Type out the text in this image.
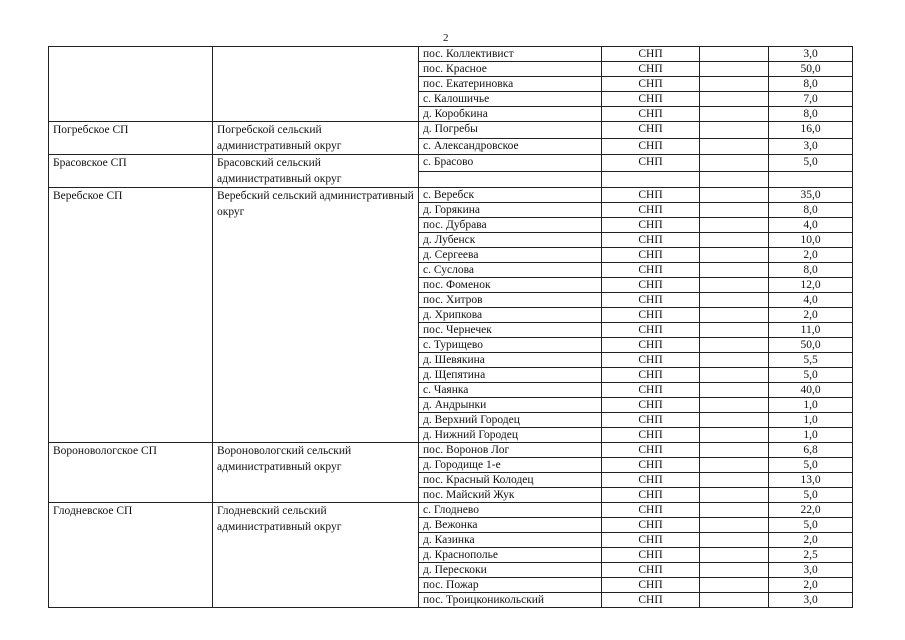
2
		пос. Коллективист	СНП		3,0
		пос. Красное	СНП		50,0
		пос. Екатериновка	СНП		8,0
		с. Калошичье	СНП		7,0
		д. Коробкина	СНП		8,0
Погребское СП	Погребской сельский административный округ	д. Погребы	СНП		16,0
		с. Александровское	СНП		3,0
Брасовское СП	Брасовский сельский административный округ	с. Брасово	СНП		5,0

Веребское СП	Веребский сельский административный округ	с. Веребск	СНП		35,0
		д. Горякина	СНП		8,0
		пос. Дубрава	СНП		4,0
		д. Лубенск	СНП		10,0
		д. Сергеева	СНП		2,0
		с. Суслова	СНП		8,0
		пос. Фоменок	СНП		12,0
		пос. Хитров	СНП		4,0
		д. Хрипкова	СНП		2,0
		пос. Чернечек	СНП		11,0
		с. Турищево	СНП		50,0
		д. Шевякина	СНП		5,5
		д. Щепятина	СНП		5,0
		с. Чаянка	СНП		40,0
		д. Андрынки	СНП		1,0
		д. Верхний Городец	СНП		1,0
		д. Нижний Городец	СНП		1,0
Вороновологское СП	Вороновологский сельский административный округ	пос. Воронов Лог	СНП		6,8
		д. Городище 1-е	СНП		5,0
		пос. Красный Колодец	СНП		13,0
		пос. Майский Жук	СНП		5,0
Глодневское СП	Глодневский сельский административный округ	с. Глоднево	СНП		22,0
		д. Вежонка	СНП		5,0
		д. Казинка	СНП		2,0
		д. Краснополье	СНП		2,5
		д. Перескоки	СНП		3,0
		пос. Пожар	СНП		2,0
		пос. Троицконикольский	СНП		3,0
